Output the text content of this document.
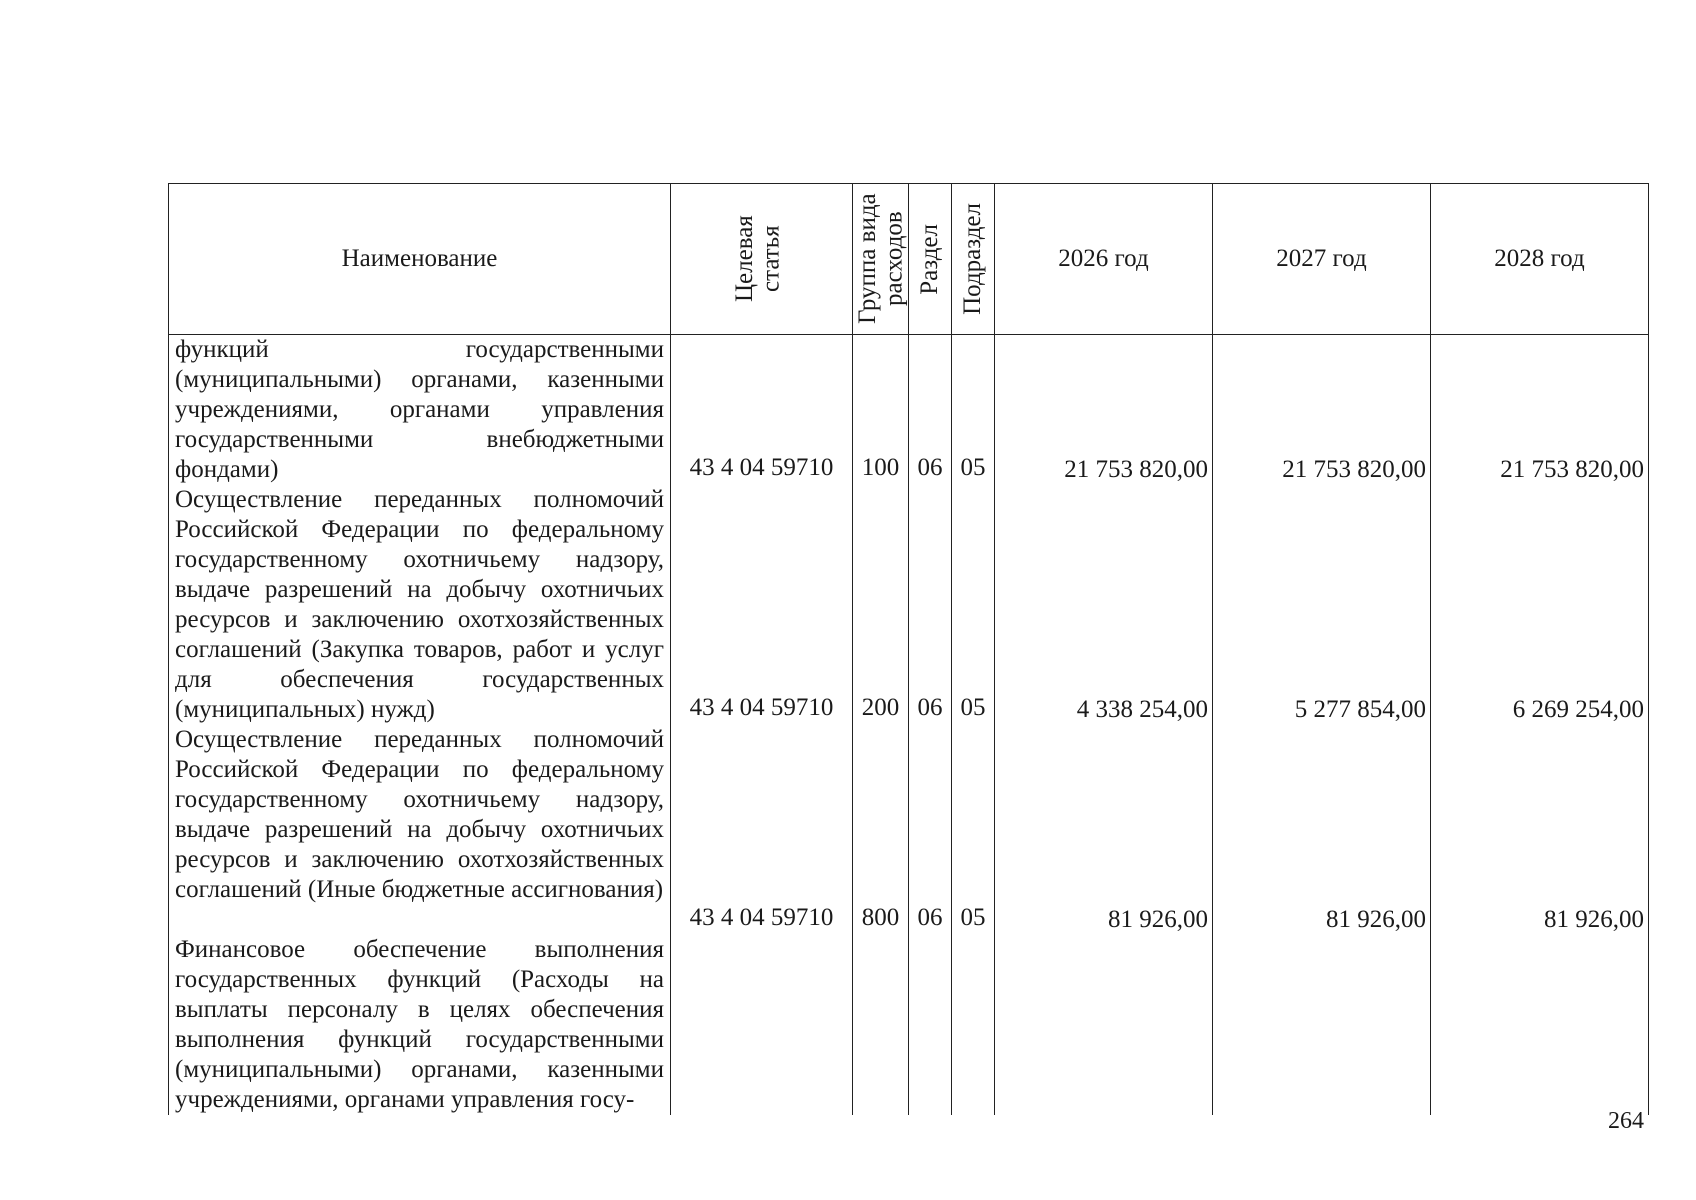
Наименование	Целевая статья	Группа вида расходов	Раздел	Подраздел	2026 год	2027 год	2028 год
функций государственными (муниципальными) органами, казенными учреждениями, органами управления государственными внебюджетными фондами)	43 4 04 59710	100	06	05	21 753 820,00	21 753 820,00	21 753 820,00
Осуществление переданных полномочий Российской Федерации по федеральному государственному охотничьему надзору, выдаче разрешений на добычу охотничьих ресурсов и заключению охотхозяйственных соглашений (Закупка товаров, работ и услуг для обеспечения государственных (муниципальных) нужд)	43 4 04 59710	200	06	05	4 338 254,00	5 277 854,00	6 269 254,00
Осуществление переданных полномочий Российской Федерации по федеральному государственному охотничьему надзору, выдаче разрешений на добычу охотничьих ресурсов и заключению охотхозяйственных соглашений (Иные бюджетные ассигнования)	43 4 04 59710	800	06	05	81 926,00	81 926,00	81 926,00
Финансовое обеспечение выполнения государственных функций (Расходы на выплаты персоналу в целях обеспечения выполнения функций государственными (муниципальными) органами, казенными учреждениями, органами управления госу-							
264
